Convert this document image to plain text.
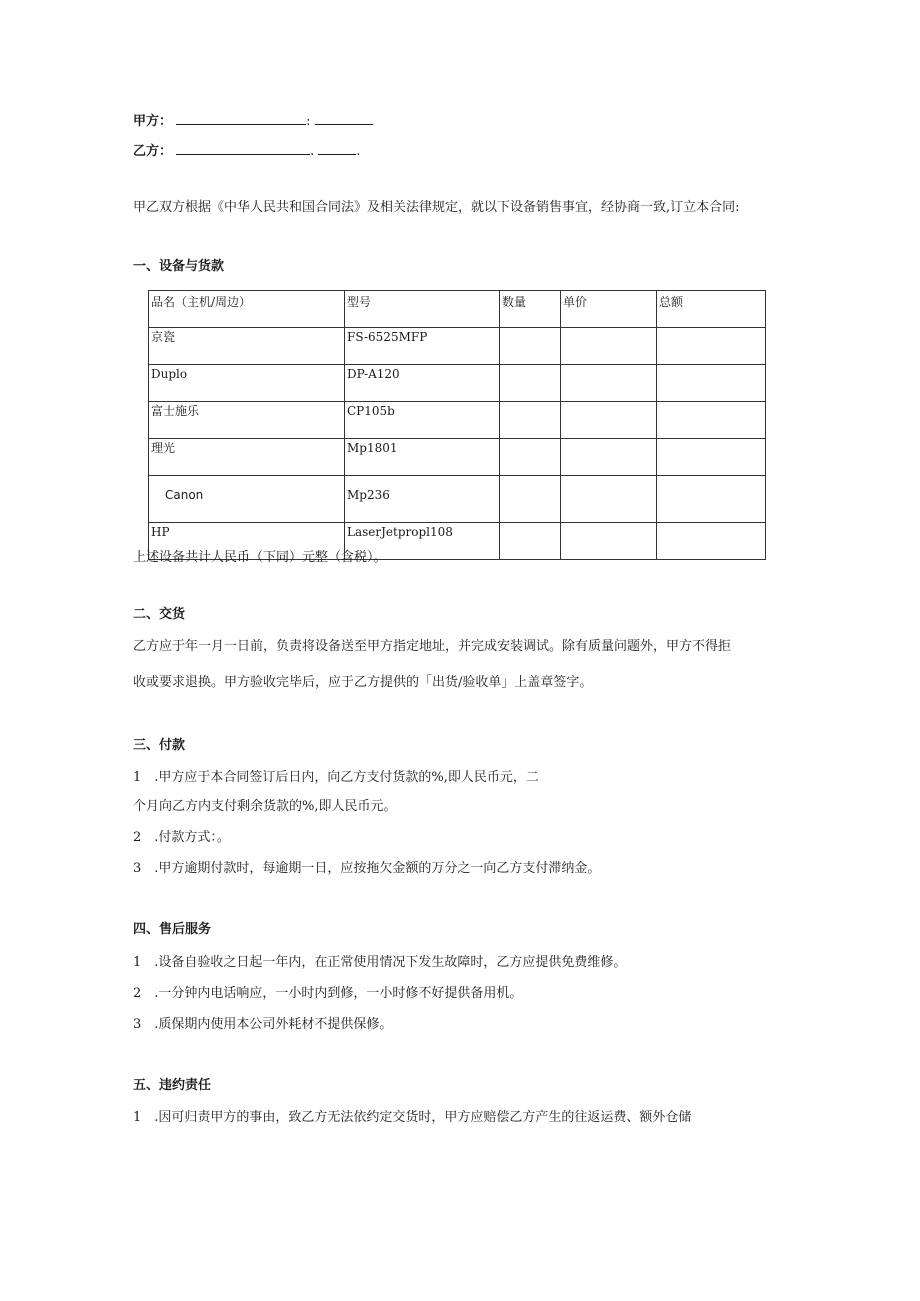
甲方：	:
乙方：	.	.
甲乙双方根据《中华人民共和国合同法》及相关法律规定，就以下设备销售事宜，经协商一致,订立本合同:
一、设备与货款
品名（主机/周边）	型号	数量	单价	总额
京瓷	FS-6525MFP			
Duplo	DP-A120			
富士施乐	CP105b			
理光	Mp1801			
Canon	Mp236			
HP	LaserJetpropl108			
上述设备共计人民币（下同）元整（含税）。
二、交货
乙方应于年一月一日前，负责将设备送至甲方指定地址，并完成安装调试。除有质量问题外，甲方不得拒
收或要求退换。甲方验收完毕后，应于乙方提供的「出货/验收单」上盖章签字。
三、付款
1　.甲方应于本合同签订后日内，向乙方支付货款的%,即人民币元，二
个月向乙方内支付剩余货款的%,即人民币元。
2　.付款方式：。
3　.甲方逾期付款时，每逾期一日，应按拖欠金额的万分之一向乙方支付滞纳金。
四、售后服务
1　.设备自验收之日起一年内，在正常使用情况下发生故障时，乙方应提供免费维修。
2　.一分钟内电话响应，一小时内到修，一小时修不好提供备用机。
3　.质保期内使用本公司外耗材不提供保修。
五、违约责任
1　.因可归责甲方的事由，致乙方无法依约定交货时，甲方应赔偿乙方产生的往返运费、额外仓储
